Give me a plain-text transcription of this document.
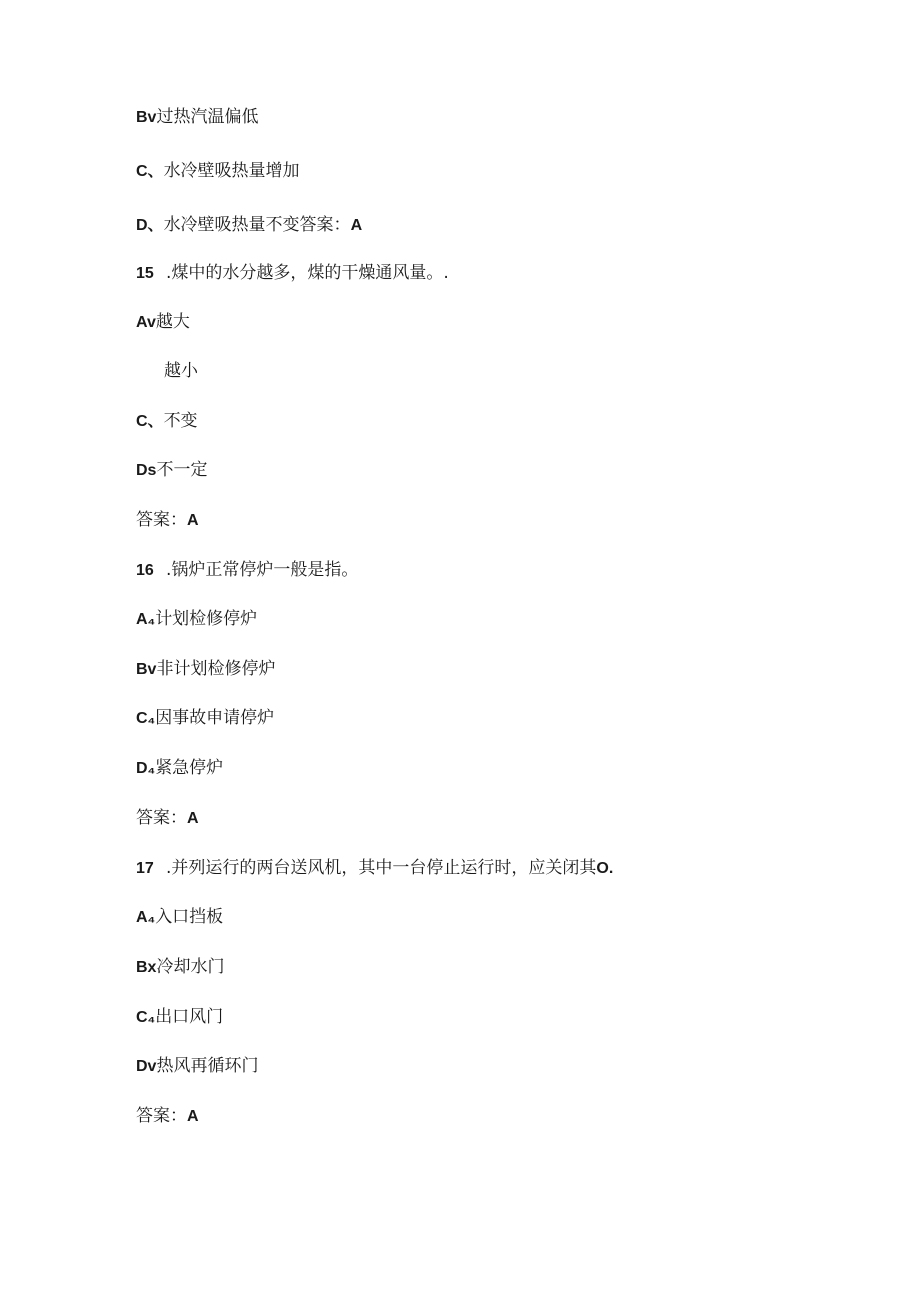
Bv过热汽温偏低
C、水冷壁吸热量增加
D、水冷壁吸热量不变答案：A
15 .煤中的水分越多，煤的干燥通风量。.
Av越大
越小
C、不变
Ds不一定
答案：A
16 .锅炉正常停炉一般是指。
A₄计划检修停炉
Bv非计划检修停炉
C₄因事故申请停炉
D₄紧急停炉
答案：A
17 .并列运行的两台送风机，其中一台停止运行时，应关闭其O.
A₄入口挡板
Bx冷却水门
C₄出口风门
Dv热风再循环门
答案：A
